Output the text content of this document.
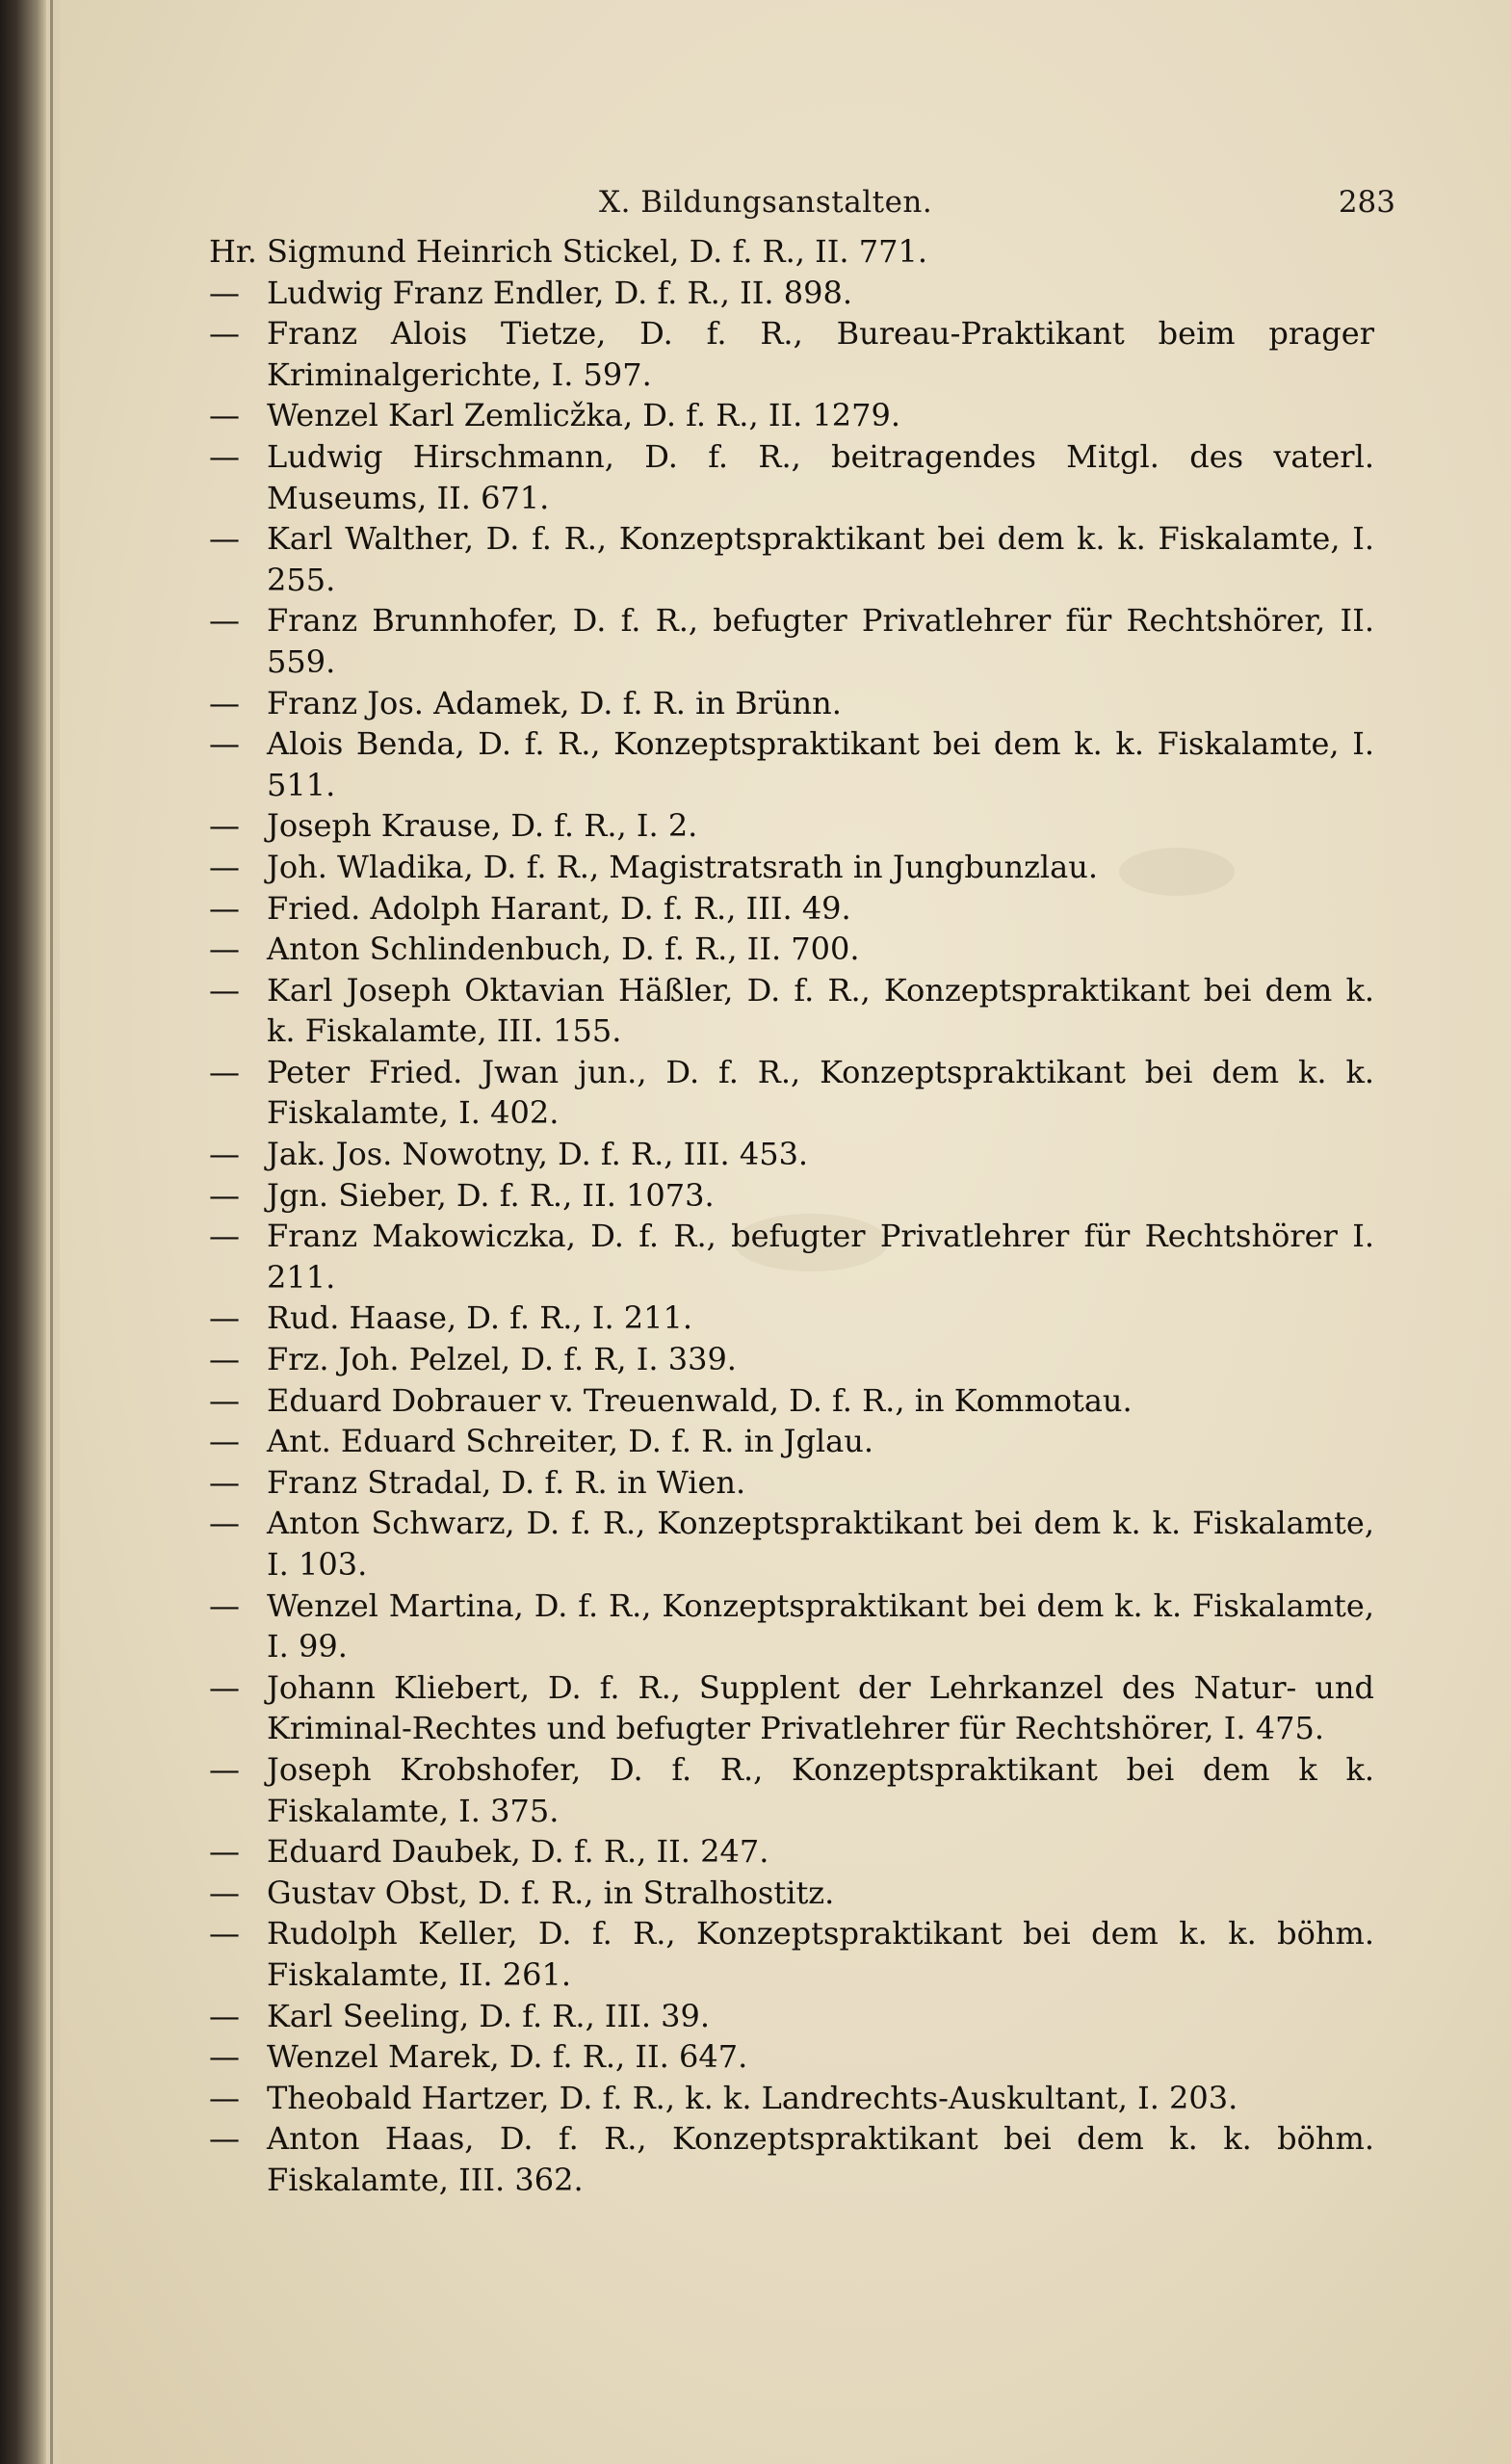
X. Bildungsanstalten.	283

Hr. Sigmund Heinrich Stickel, D. f. R., II. 771.

— Ludwig Franz Endler, D. f. R., II. 898.

— Franz Alois Tietze, D. f. R., Bureau-Praktikant beim prager Kriminalgerichte, I. 597.

— Wenzel Karl Zemlicžka, D. f. R., II. 1279.

— Ludwig Hirschmann, D. f. R., beitragendes Mitgl. des vaterl. Museums, II. 671.

— Karl Walther, D. f. R., Konzeptspraktikant bei dem k. k. Fiskalamte, I. 255.

— Franz Brunnhofer, D. f. R., befugter Privatlehrer für Rechtshörer, II. 559.

— Franz Jos. Adamek, D. f. R. in Brünn.

— Alois Benda, D. f. R., Konzeptspraktikant bei dem k. k. Fiskalamte, I. 511.

— Joseph Krause, D. f. R., I. 2.

— Joh. Wladika, D. f. R., Magistratsrath in Jungbunzlau.

— Fried. Adolph Harant, D. f. R., III. 49.

— Anton Schlindenbuch, D. f. R., II. 700.

— Karl Joseph Oktavian Häßler, D. f. R., Konzeptspraktikant bei dem k. k. Fiskalamte, III. 155.

— Peter Fried. Jwan jun., D. f. R., Konzeptspraktikant bei dem k. k. Fiskalamte, I. 402.

— Jak. Jos. Nowotny, D. f. R., III. 453.

— Jgn. Sieber, D. f. R., II. 1073.

— Franz Makowiczka, D. f. R., befugter Privatlehrer für Rechtshörer I. 211.

— Rud. Haase, D. f. R., I. 211.

— Frz. Joh. Pelzel, D. f. R, I. 339.

— Eduard Dobrauer v. Treuenwald, D. f. R., in Kommotau.

— Ant. Eduard Schreiter, D. f. R. in Jglau.

— Franz Stradal, D. f. R. in Wien.

— Anton Schwarz, D. f. R., Konzeptspraktikant bei dem k. k. Fiskalamte, I. 103.

— Wenzel Martina, D. f. R., Konzeptspraktikant bei dem k. k. Fiskalamte, I. 99.

— Johann Kliebert, D. f. R., Supplent der Lehrkanzel des Natur- und Kriminal-Rechtes und befugter Privatlehrer für Rechtshörer, I. 475.

— Joseph Krobshofer, D. f. R., Konzeptspraktikant bei dem k k. Fiskalamte, I. 375.

— Eduard Daubek, D. f. R., II. 247.

— Gustav Obst, D. f. R., in Stralhostitz.

— Rudolph Keller, D. f. R., Konzeptspraktikant bei dem k. k. böhm. Fiskalamte, II. 261.

— Karl Seeling, D. f. R., III. 39.

— Wenzel Marek, D. f. R., II. 647.

— Theobald Hartzer, D. f. R., k. k. Landrechts-Auskultant, I. 203.

— Anton Haas, D. f. R., Konzeptspraktikant bei dem k. k. böhm. Fiskalamte, III. 362.
